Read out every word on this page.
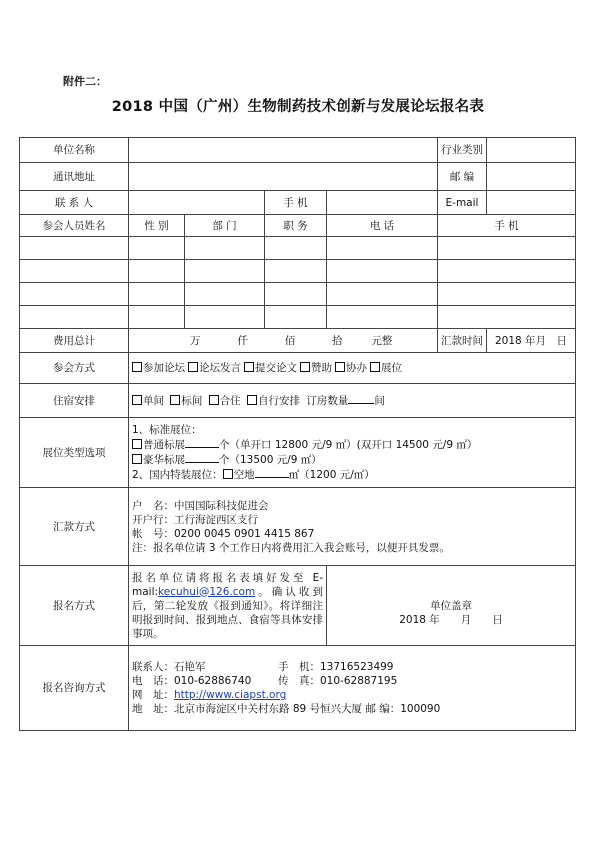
附件二：
2018 中国（广州）生物制药技术创新与发展论坛报名表
单位名称					行业类别	
通讯地址					邮 编	
联 系 人			手 机		E-mail	
参会人员姓名	性 别	部 门	职 务	电 话	手 机	

费用总计	万 仟 佰 拾 元整				汇款时间	2018 年月　日
参会方式	参加论坛 论坛发言 提交论文 赞助 协办 展位					
住宿安排	单间 标间 合住 自行安排 订房数量 间					
展位类型选项	1、标准展位：
普通标展 个（单开口 12800 元/9 ㎡）(双开口 14500 元/9 ㎡）
豪华标展 个（13500 元/9 ㎡）
2、国内特装展位： 空地 ㎡（1200 元/㎡）					

汇款方式	户　名：中国国际科技促进会
开户行：工行海淀西区支行
帐　号：0200 0045 0901 4415 867
注：报名单位请 3 个工作日内将费用汇入我会账号，以便开具发票。					

报名方式	报名单位请将报名表填好发至 E-mail:kecuhui@126.com。确认收到后，第二轮发放《报到通知》。将详细注明报到时间、报到地点、食宿等具体安排事项。			单位盖章
2018 年　　月　　日		

报名咨询方式	联系人：石艳军 手　机：13716523499
电　话：010-62886740 传　真：010-62887195
网　址：http://www.ciapst.org
地　址：北京市海淀区中关村东路 89 号恒兴大厦 邮 编：100090					
